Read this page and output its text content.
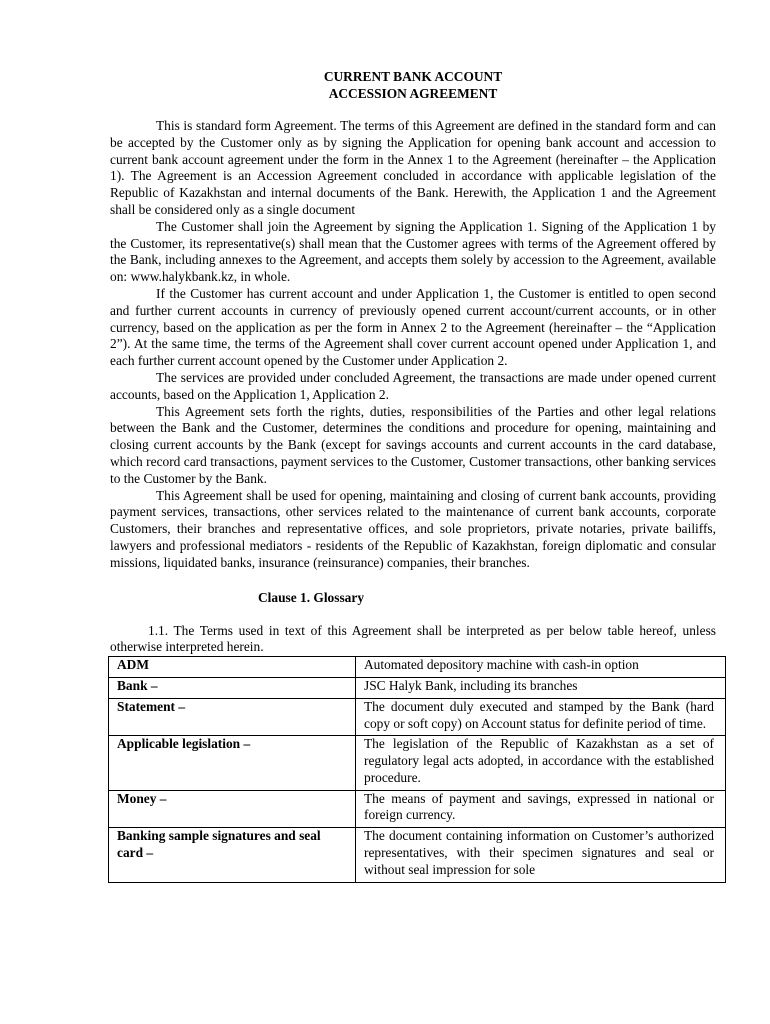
CURRENT BANK ACCOUNT
ACCESSION AGREEMENT

This is standard form Agreement. The terms of this Agreement are defined in the standard form and can be accepted by the Customer only as by signing the Application for opening bank account and accession to current bank account agreement under the form in the Annex 1 to the Agreement (hereinafter – the Application 1). The Agreement is an Accession Agreement concluded in accordance with applicable legislation of the Republic of Kazakhstan and internal documents of the Bank. Herewith, the Application 1 and the Agreement shall be considered only as a single document

The Customer shall join the Agreement by signing the Application 1. Signing of the Application 1 by the Customer, its representative(s) shall mean that the Customer agrees with terms of the Agreement offered by the Bank, including annexes to the Agreement, and accepts them solely by accession to the Agreement, available on: www.halykbank.kz, in whole.

If the Customer has current account and under Application 1, the Customer is entitled to open second and further current accounts in currency of previously opened current account/current accounts, or in other currency, based on the application as per the form in Annex 2 to the Agreement (hereinafter – the “Application 2”). At the same time, the terms of the Agreement shall cover current account opened under Application 1, and each further current account opened by the Customer under Application 2.

The services are provided under concluded Agreement, the transactions are made under opened current accounts, based on the Application 1, Application 2.

This Agreement sets forth the rights, duties, responsibilities of the Parties and other legal relations between the Bank and the Customer, determines the conditions and procedure for opening, maintaining and closing current accounts by the Bank (except for savings accounts and current accounts in the card database, which record card transactions, payment services to the Customer, Customer transactions, other banking services to the Customer by the Bank.

This Agreement shall be used for opening, maintaining and closing of current bank accounts, providing payment services, transactions, other services related to the maintenance of current bank accounts, corporate Customers, their branches and representative offices, and sole proprietors, private notaries, private bailiffs, lawyers and professional mediators - residents of the Republic of Kazakhstan, foreign diplomatic and consular missions, liquidated banks, insurance (reinsurance) companies, their branches.

Clause 1. Glossary

1.1. The Terms used in text of this Agreement shall be interpreted as per below table hereof, unless otherwise interpreted herein.

ADM	Automated depository machine with cash-in option
Bank –	JSC Halyk Bank, including its branches
Statement –	The document duly executed and stamped by the Bank (hard copy or soft copy) on Account status for definite period of time.
Applicable legislation –	The legislation of the Republic of Kazakhstan as a set of regulatory legal acts adopted, in accordance with the established procedure.
Money –	The means of payment and savings, expressed in national or foreign currency.
Banking sample signatures and seal card –	The document containing information on Customer’s authorized representatives, with their specimen signatures and seal or without seal impression for sole
